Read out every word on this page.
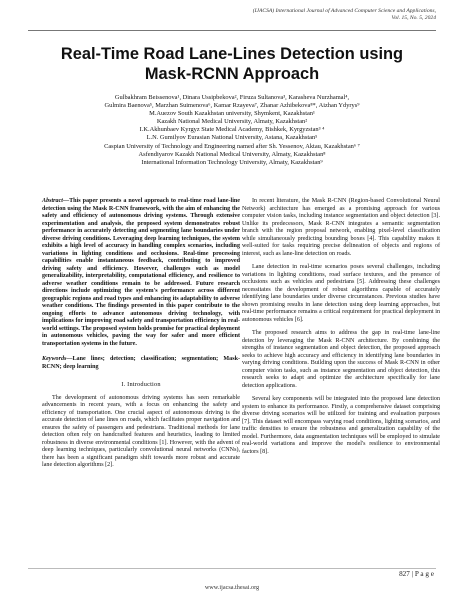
(IJACSA) International Journal of Advanced Computer Science and Applications,
Vol. 15, No. 5, 2024
Real-Time Road Lane-Lines Detection using Mask-RCNN Approach
Gulbakhram Beissenova¹, Dinara Ussipbekova², Firuza Sultanova³, Karasheva Nurzhamal⁴,
Gulmira Baenova⁵, Marzhan Suimenova⁶, Kamar Rzayeva⁷, Zhanar Azhibekova⁸*, Aizhan Ydyrys⁹
M.Auezov South Kazakhstan university, Shymkent, Kazakhstan¹
Kazakh National Medical University, Almaty, Kazakhstan²
I.K.Akhunbaev Kyrgyz State Medical Academy, Bishkek, Kyrgyzstan³ ⁴
L.N. Gumilyov Eurasian National University, Astana, Kazakhstan⁵
Caspian University of Technology and Engineering named after Sh. Yessenov, Aktau, Kazakhstan⁶ ⁷
Asfendiyarov Kazakh National Medical University, Almaty, Kazakhstan⁸
International Information Technology University, Almaty, Kazakhstan⁹
Abstract—This paper presents a novel approach to real-time road lane-line detection using the Mask R-CNN framework, with the aim of enhancing the safety and efficiency of autonomous driving systems. Through extensive experimentation and analysis, the proposed system demonstrates robust performance in accurately detecting and segmenting lane boundaries under diverse driving conditions. Leveraging deep learning techniques, the system exhibits a high level of accuracy in handling complex scenarios, including variations in lighting conditions and occlusions. Real-time processing capabilities enable instantaneous feedback, contributing to improved driving safety and efficiency. However, challenges such as model generalizability, interpretability, computational efficiency, and resilience to adverse weather conditions remain to be addressed. Future research directions include optimizing the system's performance across different geographic regions and road types and enhancing its adaptability to adverse weather conditions. The findings presented in this paper contribute to the ongoing efforts to advance autonomous driving technology, with implications for improving road safety and transportation efficiency in real-world settings. The proposed system holds promise for practical deployment in autonomous vehicles, paving the way for safer and more efficient transportation systems in the future.
Keywords—Lane lines; detection; classification; segmentation; Mask-RCNN; deep learning
I. Introduction

The development of autonomous driving systems has seen remarkable advancements in recent years, with a focus on enhancing the safety and efficiency of transportation. One crucial aspect of autonomous driving is the accurate detection of lane lines on roads, which facilitates proper navigation and ensures the safety of passengers and pedestrians. Traditional methods for lane detection often rely on handcrafted features and heuristics, leading to limited robustness in diverse environmental conditions [1]. However, with the advent of deep learning techniques, particularly convolutional neural networks (CNNs), there has been a significant paradigm shift towards more robust and accurate lane detection algorithms [2].

In recent literature, the Mask R-CNN (Region-based Convolutional Neural Network) architecture has emerged as a promising approach for various computer vision tasks, including instance segmentation and object detection [3]. Unlike its predecessors, Mask R-CNN integrates a semantic segmentation branch with the region proposal network, enabling pixel-level classification while simultaneously predicting bounding boxes [4]. This capability makes it well-suited for tasks requiring precise delineation of objects and regions of interest, such as lane-line detection on roads.

Lane detection in real-time scenarios poses several challenges, including variations in lighting conditions, road surface textures, and the presence of occlusions such as vehicles and pedestrians [5]. Addressing these challenges necessitates the development of robust algorithms capable of accurately identifying lane boundaries under diverse circumstances. Previous studies have shown promising results in lane detection using deep learning approaches, but real-time performance remains a critical requirement for practical deployment in autonomous vehicles [6].

The proposed research aims to address the gap in real-time lane-line detection by leveraging the Mask R-CNN architecture. By combining the strengths of instance segmentation and object detection, the proposed approach seeks to achieve high accuracy and efficiency in identifying lane boundaries in varying driving conditions. Building upon the success of Mask R-CNN in other computer vision tasks, such as instance segmentation and object detection, this research seeks to adapt and optimize the architecture specifically for lane detection applications.

Several key components will be integrated into the proposed lane detection system to enhance its performance. Firstly, a comprehensive dataset comprising diverse driving scenarios will be utilized for training and evaluation purposes [7]. This dataset will encompass varying road conditions, lighting scenarios, and traffic densities to ensure the robustness and generalization capability of the model. Furthermore, data augmentation techniques will be employed to simulate real-world variations and improve the model's resilience to environmental factors [8].

827 | P a g e
www.ijacsa.thesai.org
